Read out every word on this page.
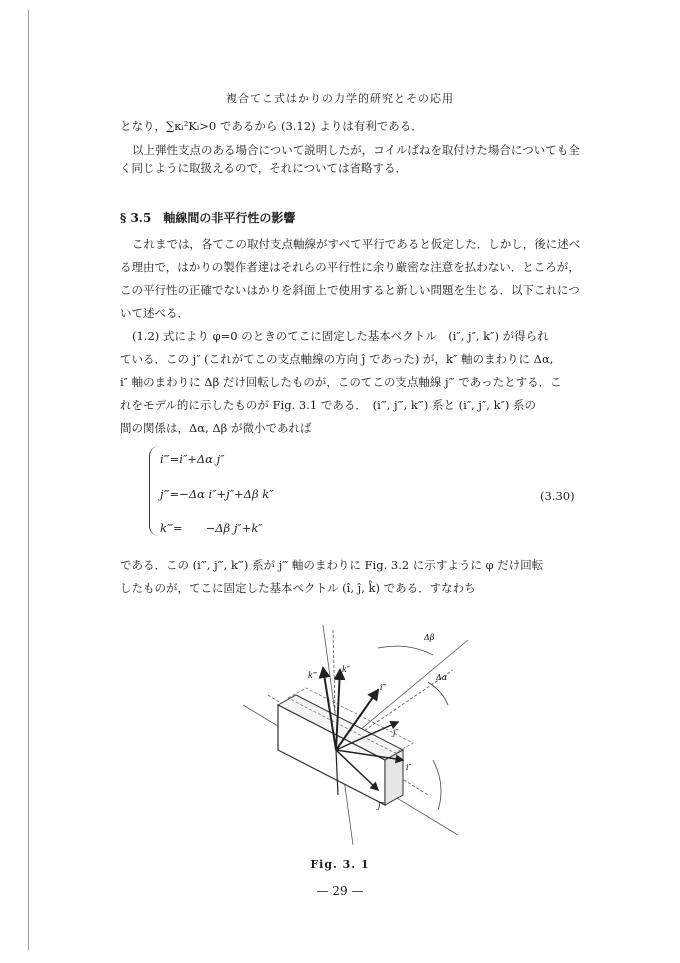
複合てこ式はかりの力学的研究とその応用
となり，∑κᵢ²Kᵢ>0 であるから (3.12) よりは有利である．
以上弾性支点のある場合について説明したが，コイルばねを取付けた場合についても全
く同じように取扱えるので，それについては省略する．
§ 3.5　軸線間の非平行性の影響
これまでは，各てこの取付支点軸線がすべて平行であると仮定した．しかし，後に述べ
る理由で，はかりの製作者達はそれらの平行性に余り厳密な注意を払わない．ところが，
この平行性の正確でないはかりを斜面上で使用すると新しい問題を生じる．以下これにつ
いて述べる．
(1.2) 式により φ=0 のときのてこに固定した基本ベクトル　(i″, j″, k″) が得られ
ている．この j″ (これがてこの支点軸線の方向 ĵ であった) が，k″ 軸のまわりに Δα,
i″ 軸のまわりに Δβ だけ回転したものが，このてこの支点軸線 j‴ であったとする．こ
れをモデル的に示したものが Fig. 3.1 である．　(i‴, j‴, k‴) 系と (i″, j″, k″) 系の
間の関係は，Δα, Δβ が微小であれば
i‴=i″+Δα j″
j‴=−Δα i″+j″+Δβ k″
k‴=　　−Δβ j″+k″
(3.30)
である．この (i‴, j‴, k‴) 系が j‴ 軸のまわりに Fig. 3.2 に示すように φ だけ回転
したものが，てこに固定した基本ベクトル (î, ĵ, k̂) である．すなわち
Δβ
Δα
k‴
k″
i‴
j″
i″
j‴
Fig. 3. 1
— 29 —
